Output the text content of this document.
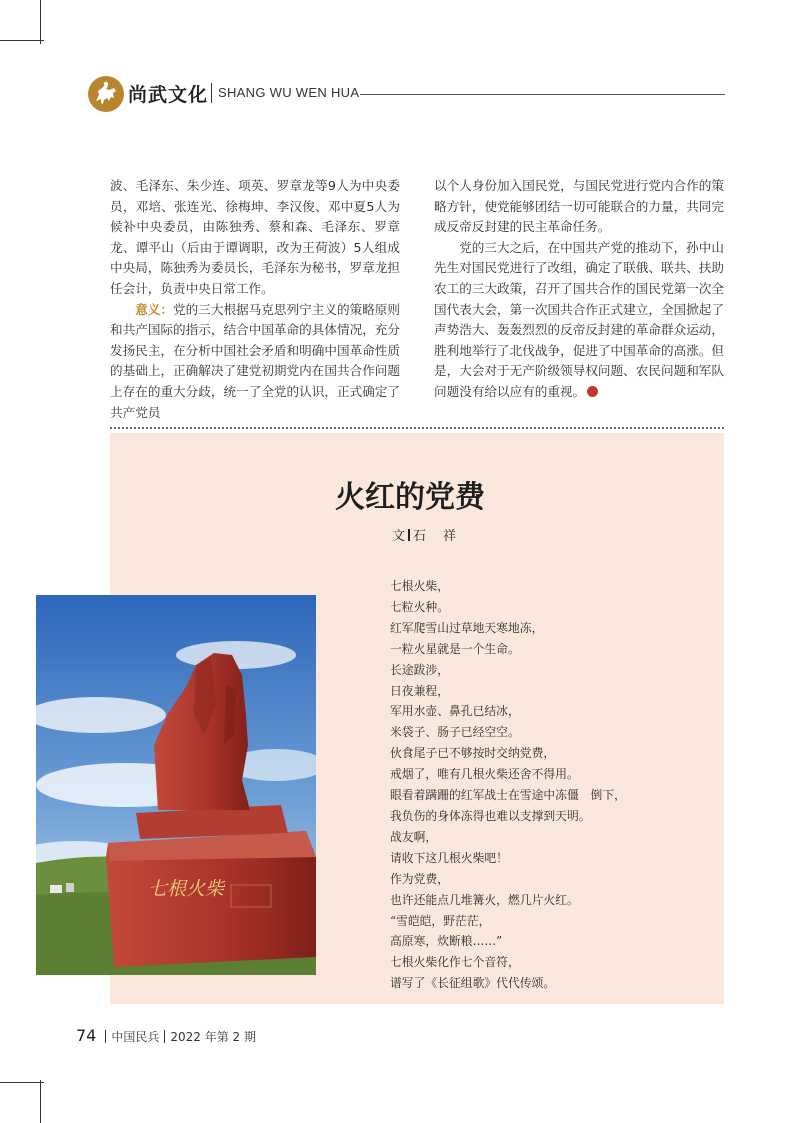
尚武文化 SHANG WU WEN HUA

波、毛泽东、朱少连、项英、罗章龙等9人为中央委员，邓培、张连光、徐梅坤、李汉俊、邓中夏5人为候补中央委员，由陈独秀、蔡和森、毛泽东、罗章龙、谭平山（后由于谭调职，改为王荷波）5人组成中央局，陈独秀为委员长，毛泽东为秘书，罗章龙担任会计，负责中央日常工作。

意义：党的三大根据马克思列宁主义的策略原则和共产国际的指示，结合中国革命的具体情况，充分发扬民主，在分析中国社会矛盾和明确中国革命性质的基础上，正确解决了建党初期党内在国共合作问题上存在的重大分歧，统一了全党的认识，正式确定了共产党员

以个人身份加入国民党，与国民党进行党内合作的策略方针，使党能够团结一切可能联合的力量，共同完成反帝反封建的民主革命任务。

党的三大之后，在中国共产党的推动下，孙中山先生对国民党进行了改组，确定了联俄、联共、扶助农工的三大政策，召开了国共合作的国民党第一次全国代表大会，第一次国共合作正式建立，全国掀起了声势浩大、轰轰烈烈的反帝反封建的革命群众运动，胜利地举行了北伐战争，促进了中国革命的高涨。但是，大会对于无产阶级领导权问题、农民问题和军队问题没有给以应有的重视。

火红的党费
文 石　祥
七根火柴，
七粒火种。
红军爬雪山过草地天寒地冻，
一粒火星就是一个生命。
长途跋涉，
日夜兼程，
军用水壶、鼻孔已结冰，
米袋子、肠子已经空空。
伙食尾子已不够按时交纳党费，
戒烟了，唯有几根火柴还舍不得用。
眼看着蹒跚的红军战士在雪途中冻僵　倒下，
我负伤的身体冻得也难以支撑到天明。
战友啊，
请收下这几根火柴吧！
作为党费，
也许还能点几堆篝火，燃几片火红。
“雪皑皑，野茫茫，
高原寒，炊断粮……”
七根火柴化作七个音符，
谱写了《长征组歌》代代传颂。
七根火柴
74 中国民兵 2022 年第 2 期
